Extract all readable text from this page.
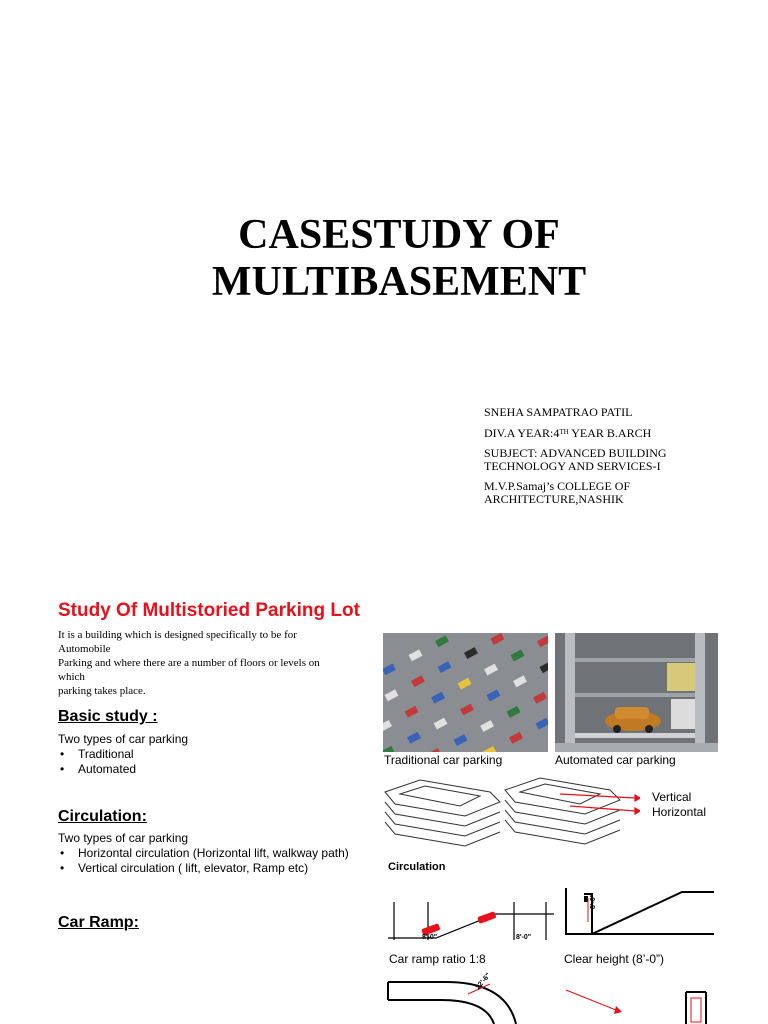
CASESTUDY OF
MULTIBASEMENT

SNEHA SAMPATRAO PATIL

DIV.A YEAR:4TH YEAR B.ARCH

SUBJECT: ADVANCED BUILDING TECHNOLOGY AND SERVICES-I

M.V.P.Samaj’s COLLEGE OF ARCHITECTURE,NASHIK

Study Of Multistoried Parking Lot
It is a building which is designed specifically to be for
Automobile
Parking and where there are a number of floors or levels on
which
parking takes place.
Basic study :
Two types of car parking
• Traditional
• Automated
Circulation:
Two types of car parking
• Horizontal circulation (Horizontal lift, walkway path)
• Vertical circulation ( lift, elevator, Ramp etc)
Car Ramp:
Traditional car parking	Automated car parking
Vertical
Horizontal
Circulation
8'-0"	8'-0"
8'-0"
Car ramp ratio 1:8	Clear height (8’-0”)
22'-6"
